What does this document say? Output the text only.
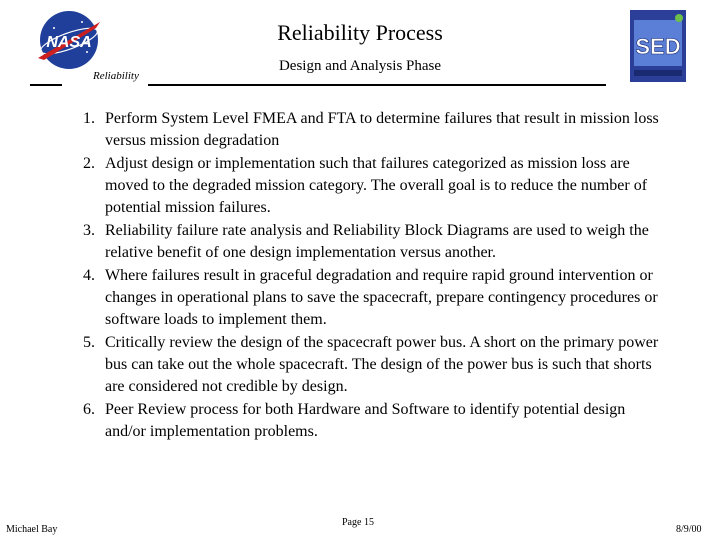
NASA	Reliability Process
Design and Analysis Phase
Reliability
SED
1. Perform System Level FMEA and FTA to determine failures that result in mission loss versus mission degradation
2. Adjust design or implementation such that failures categorized as mission loss are moved to the degraded mission category. The overall goal is to reduce the number of potential mission failures.
3. Reliability failure rate analysis and Reliability Block Diagrams are used to weigh the relative benefit of one design implementation versus another.
4. Where failures result in graceful degradation and require rapid ground intervention or changes in operational plans to save the spacecraft, prepare contingency procedures or software loads to implement them.
5. Critically review the design of the spacecraft power bus. A short on the primary power bus can take out the whole spacecraft. The design of the power bus is such that shorts are considered not credible by design.
6. Peer Review process for both Hardware and Software to identify potential design and/or implementation problems.
Michael Bay
Page 15
8/9/00
